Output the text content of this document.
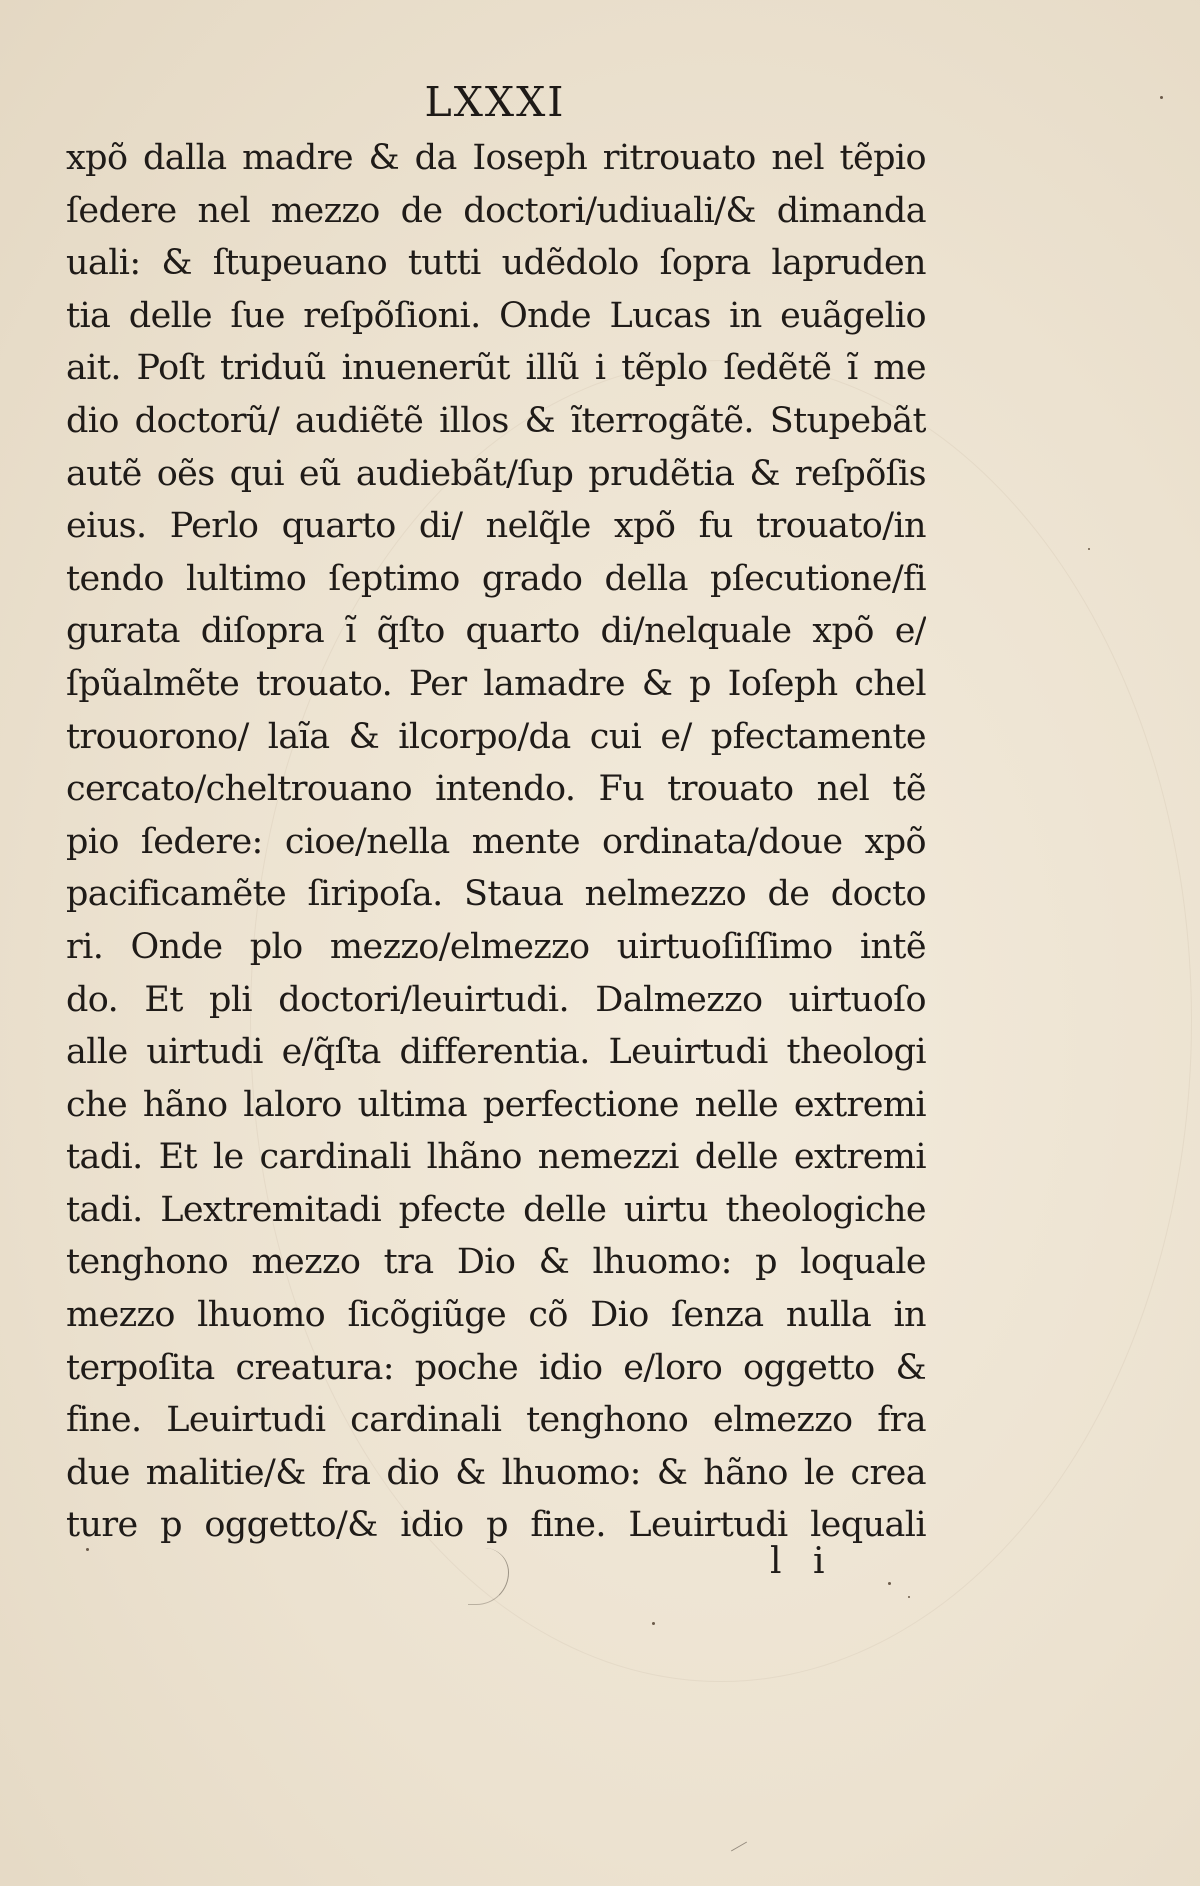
LXXXI
xpõ dalla madre & da Ioseph ritrouato nel tẽpio
ſedere nel mezzo de doctori/udiuali/& dimanda
uali: & ſtupeuano tutti udẽdolo ſopra lapruden
tia delle ſue reſpõſioni. Onde Lucas in euãgelio
ait. Poſt triduũ inuenerũt illũ i tẽplo ſedẽtẽ ĩ me
dio doctorũ/ audiẽtẽ illos & ĩterrogãtẽ. Stupebãt
autẽ oẽs qui eũ audiebãt/ſup prudẽtia & reſpõſis
eius. Perlo quarto di/ nelq̃le xpõ fu trouato/in
tendo lultimo ſeptimo grado della pſecutione/fi
gurata diſopra ĩ q̃ſto quarto di/nelquale xpõ e/
ſpũalmẽte trouato. Per lamadre & p Ioſeph chel
trouorono/ laĩa & ilcorpo/da cui e/ pfectamente
cercato/cheltrouano intendo. Fu trouato nel tẽ
pio ſedere: cioe/nella mente ordinata/doue xpõ
pacificamẽte ſiripoſa. Staua nelmezzo de docto
ri. Onde plo mezzo/elmezzo uirtuoſiſſimo intẽ
do. Et pli doctori/leuirtudi. Dalmezzo uirtuoſo
alle uirtudi e/q̃ſta differentia. Leuirtudi theologi
che hãno laloro ultima perfectione nelle extremi
tadi. Et le cardinali lhãno nemezzi delle extremi
tadi. Lextremitadi pfecte delle uirtu theologiche
tenghono mezzo tra Dio & lhuomo: p loquale
mezzo lhuomo ſicõgiũge cõ Dio ſenza nulla in
terpoſita creatura: poche idio e/loro oggetto &
fine. Leuirtudi cardinali tenghono elmezzo fra
due malitie/& fra dio & lhuomo: & hãno le crea
ture p oggetto/& idio p fine. Leuirtudi lequali
l i
